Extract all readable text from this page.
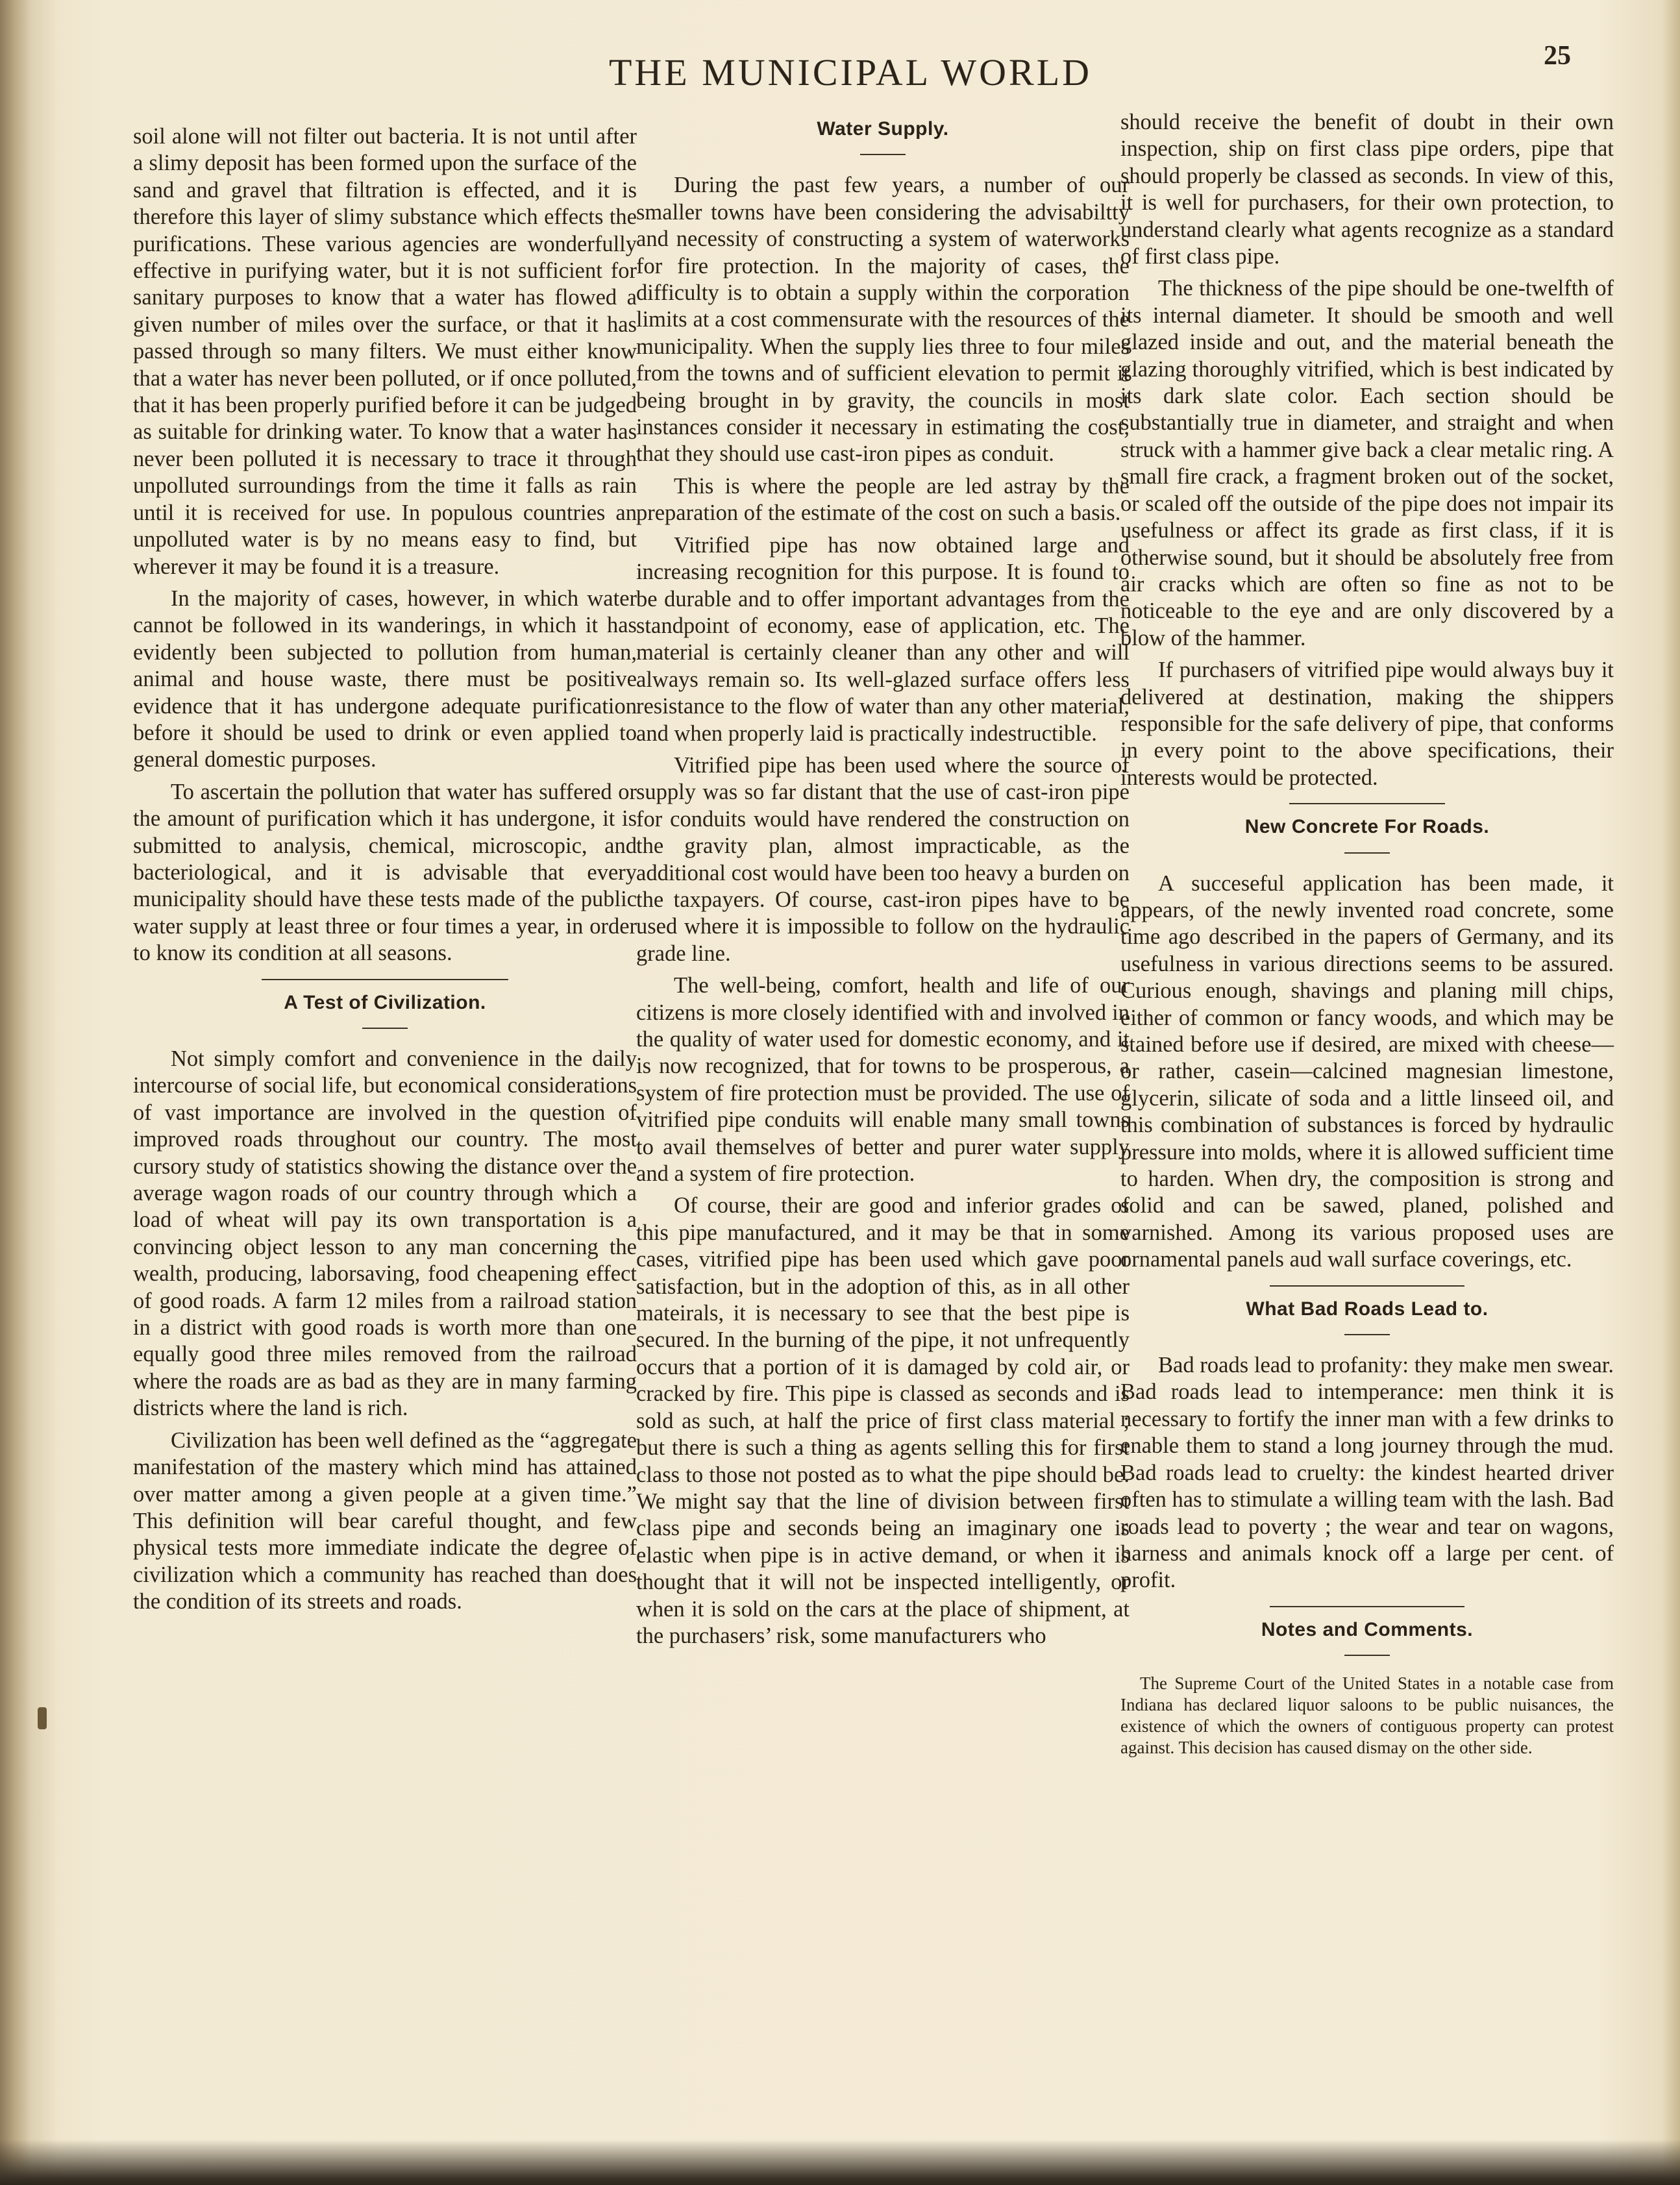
THE MUNICIPAL WORLD	25

soil alone will not filter out bacteria. It is not until after a slimy deposit has been formed upon the surface of the sand and gravel that filtration is effected, and it is therefore this layer of slimy substance which effects the purifications. These various agencies are wonderfully effective in purifying water, but it is not sufficient for sanitary purposes to know that a water has flowed a given number of miles over the surface, or that it has passed through so many filters. We must either know that a water has never been polluted, or if once polluted, that it has been properly purified before it can be judged as suitable for drinking water. To know that a water has never been polluted it is necessary to trace it through unpolluted surroundings from the time it falls as rain until it is received for use. In populous countries an unpolluted water is by no means easy to find, but wherever it may be found it is a treasure.

In the majority of cases, however, in which water cannot be followed in its wanderings, in which it has evidently been subjected to pollution from human, animal and house waste, there must be positive evidence that it has undergone adequate purification before it should be used to drink or even applied to general domestic purposes.

To ascertain the pollution that water has suffered or the amount of purification which it has undergone, it is submitted to analysis, chemical, microscopic, and bacteriological, and it is advisable that every municipality should have these tests made of the public water supply at least three or four times a year, in order to know its condition at all seasons.

A Test of Civilization.

Not simply comfort and convenience in the daily intercourse of social life, but economical considerations of vast importance are involved in the question of improved roads throughout our country. The most cursory study of statistics showing the distance over the average wagon roads of our country through which a load of wheat will pay its own transportation is a convincing object lesson to any man concerning the wealth, producing, laborsaving, food cheapening effect of good roads. A farm 12 miles from a railroad station in a district with good roads is worth more than one equally good three miles removed from the railroad where the roads are as bad as they are in many farming districts where the land is rich.

Civilization has been well defined as the “aggregate manifestation of the mastery which mind has attained over matter among a given people at a given time.” This definition will bear careful thought, and few physical tests more immediate indicate the degree of civilization which a community has reached than does the condition of its streets and roads.

Water Supply.

During the past few years, a number of our smaller towns have been considering the advisabiltty and necessity of constructing a system of waterworks for fire protection. In the majority of cases, the difficulty is to obtain a supply within the corporation limits at a cost commensurate with the resources of the municipality. When the supply lies three to four miles from the towns and of sufficient elevation to permit it being brought in by gravity, the councils in most instances consider it necessary in estimating the cost, that they should use cast-iron pipes as conduit.

This is where the people are led astray by the preparation of the estimate of the cost on such a basis.

Vitrified pipe has now obtained large and increasing recognition for this purpose. It is found to be durable and to offer important advantages from the standpoint of economy, ease of application, etc. The material is certainly cleaner than any other and will always remain so. Its well-glazed surface offers less resistance to the flow of water than any other material, and when properly laid is practically indestructible.

Vitrified pipe has been used where the source of supply was so far distant that the use of cast-iron pipe for conduits would have rendered the construction on the gravity plan, almost impracticable, as the additional cost would have been too heavy a burden on the taxpayers. Of course, cast-iron pipes have to be used where it is impossible to follow on the hydraulic grade line.

The well-being, comfort, health and life of our citizens is more closely identified with and involved in the quality of water used for domestic economy, and it is now recognized, that for towns to be prosperous, a system of fire protection must be provided. The use of vitrified pipe conduits will enable many small towns to avail themselves of better and purer water supply and a system of fire protection.

Of course, their are good and inferior grades of this pipe manufactured, and it may be that in some cases, vitrified pipe has been used which gave poor satisfaction, but in the adoption of this, as in all other mateirals, it is necessary to see that the best pipe is secured. In the burning of the pipe, it not unfrequently occurs that a portion of it is damaged by cold air, or cracked by fire. This pipe is classed as seconds and is sold as such, at half the price of first class material ; but there is such a thing as agents selling this for first class to those not posted as to what the pipe should be. We might say that the line of division between first class pipe and seconds being an imaginary one is elastic when pipe is in active demand, or when it is thought that it will not be inspected intelligently, or when it is sold on the cars at the place of shipment, at the purchasers’ risk, some manufacturers who

should receive the benefit of doubt in their own inspection, ship on first class pipe orders, pipe that should properly be classed as seconds. In view of this, it is well for purchasers, for their own protection, to understand clearly what agents recognize as a standard of first class pipe.

The thickness of the pipe should be one-twelfth of its internal diameter. It should be smooth and well glazed inside and out, and the material beneath the glazing thoroughly vitrified, which is best indicated by its dark slate color. Each section should be substantially true in diameter, and straight and when struck with a hammer give back a clear metalic ring. A small fire crack, a fragment broken out of the socket, or scaled off the outside of the pipe does not impair its usefulness or affect its grade as first class, if it is otherwise sound, but it should be absolutely free from air cracks which are often so fine as not to be noticeable to the eye and are only discovered by a blow of the hammer.

If purchasers of vitrified pipe would always buy it delivered at destination, making the shippers responsible for the safe delivery of pipe, that conforms in every point to the above specifications, their interests would be protected.

New Concrete For Roads.

A succeseful application has been made, it appears, of the newly invented road concrete, some time ago described in the papers of Germany, and its usefulness in various directions seems to be assured. Curious enough, shavings and planing mill chips, either of common or fancy woods, and which may be stained before use if desired, are mixed with cheese—or rather, casein—calcined magnesian limestone, glycerin, silicate of soda and a little linseed oil, and this combination of substances is forced by hydraulic pressure into molds, where it is allowed sufficient time to harden. When dry, the composition is strong and solid and can be sawed, planed, polished and varnished. Among its various proposed uses are ornamental panels aud wall surface coverings, etc.

What Bad Roads Lead to.

Bad roads lead to profanity: they make men swear. Bad roads lead to intemperance: men think it is necessary to fortify the inner man with a few drinks to enable them to stand a long journey through the mud. Bad roads lead to cruelty: the kindest hearted driver often has to stimulate a willing team with the lash. Bad roads lead to poverty ; the wear and tear on wagons, harness and animals knock off a large per cent. of profit.

Notes and Comments.

The Supreme Court of the United States in a notable case from Indiana has declared liquor saloons to be public nuisances, the existence of which the owners of contiguous property can protest against. This decision has caused dismay on the other side.
